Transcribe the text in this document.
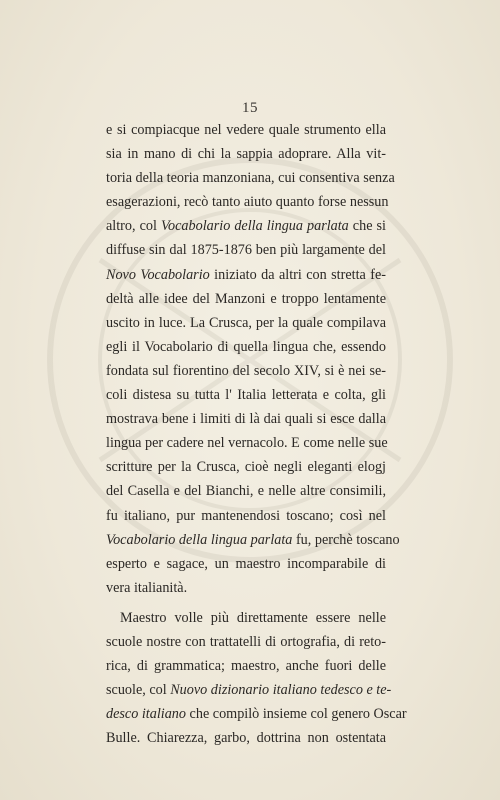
15
e si compiacque nel vedere quale strumento ella
sia in mano di chi la sappia adoprare. Alla vit-
toria della teoria manzoniana, cui consentiva senza
esagerazioni, recò tanto aiuto quanto forse nessun
altro, col Vocabolario della lingua parlata che si
diffuse sin dal 1875-1876 ben più largamente del
Novo Vocabolario iniziato da altri con stretta fe-
deltà alle idee del Manzoni e troppo lentamente
uscito in luce. La Crusca, per la quale compilava
egli il Vocabolario di quella lingua che, essendo
fondata sul fiorentino del secolo XIV, si è nei se-
coli distesa su tutta l' Italia letterata e colta, gli
mostrava bene i limiti di là dai quali si esce dalla
lingua per cadere nel vernacolo. E come nelle sue
scritture per la Crusca, cioè negli eleganti elogj
del Casella e del Bianchi, e nelle altre consimili,
fu italiano, pur mantenendosi toscano; così nel
Vocabolario della lingua parlata fu, perchè toscano
esperto e sagace, un maestro incomparabile di
vera italianità.
Maestro volle più direttamente essere nelle
scuole nostre con trattatelli di ortografia, di reto-
rica, di grammatica; maestro, anche fuori delle
scuole, col Nuovo dizionario italiano tedesco e te-
desco italiano che compilò insieme col genero Oscar
Bulle. Chiarezza, garbo, dottrina non ostentata
